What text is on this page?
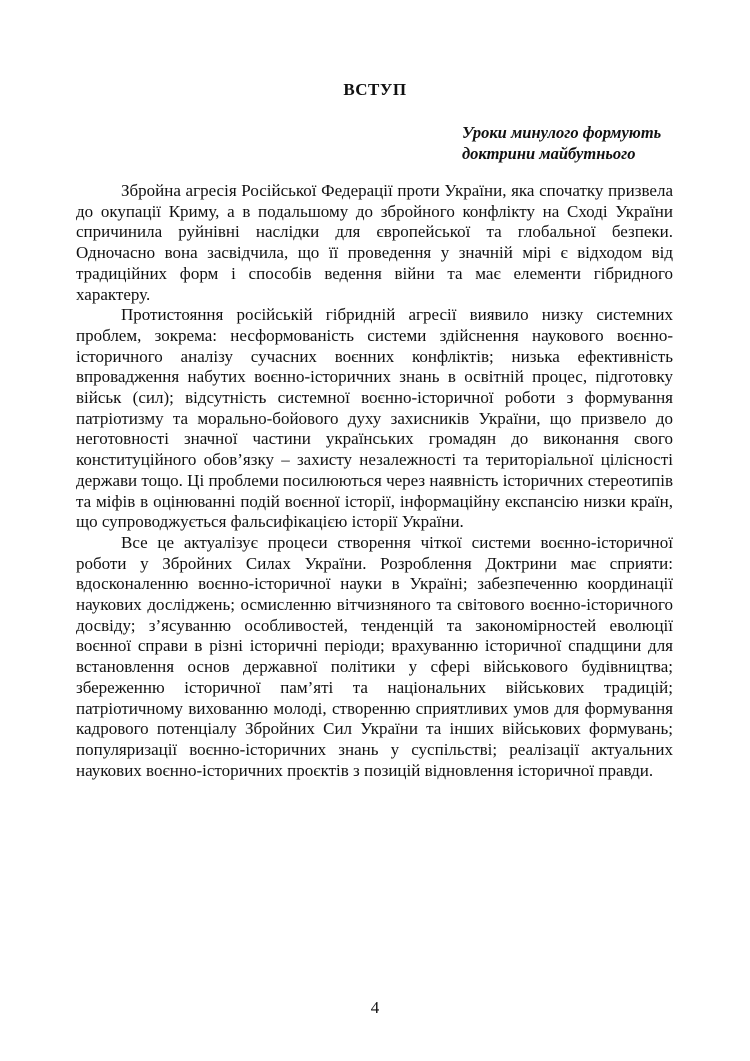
ВСТУП
Уроки минулого формують
доктрини майбутнього

Збройна агресія Російської Федерації проти України, яка спочатку призвела до окупації Криму, а в подальшому до збройного конфлікту на Сході України спричинила руйнівні наслідки для європейської та глобальної безпеки. Одночасно вона засвідчила, що її проведення у значній мірі є відходом від традиційних форм і способів ведення війни та має елементи гібридного характеру.

Протистояння російській гібридній агресії виявило низку системних проблем, зокрема: несформованість системи здійснення наукового воєнно-історичного аналізу сучасних воєнних конфліктів; низька ефективність впровадження набутих воєнно-історичних знань в освітній процес, підготовку військ (сил); відсутність системної воєнно-історичної роботи з формування патріотизму та морально-бойового духу захисників України, що призвело до неготовності значної частини українських громадян до виконання свого конституційного обов’язку – захисту незалежності та територіальної цілісності держави тощо. Ці проблеми посилюються через наявність історичних стереотипів та міфів в оцінюванні подій воєнної історії, інформаційну експансію низки країн, що супроводжується фальсифікацією історії України.

Все це актуалізує процеси створення чіткої системи воєнно-історичної роботи у Збройних Силах України. Розроблення Доктрини має сприяти: вдосконаленню воєнно-історичної науки в Україні; забезпеченню координації наукових досліджень; осмисленню вітчизняного та світового воєнно-історичного досвіду; з’ясуванню особливостей, тенденцій та закономірностей еволюції воєнної справи в різні історичні періоди; врахуванню історичної спадщини для встановлення основ державної політики у сфері військового будівництва; збереженню історичної пам’яті та національних військових традицій; патріотичному вихованню молоді, створенню сприятливих умов для формування кадрового потенціалу Збройних Сил України та інших військових формувань; популяризації воєнно-історичних знань у суспільстві; реалізації актуальних наукових воєнно-історичних проєктів з позицій відновлення історичної правди.

4
